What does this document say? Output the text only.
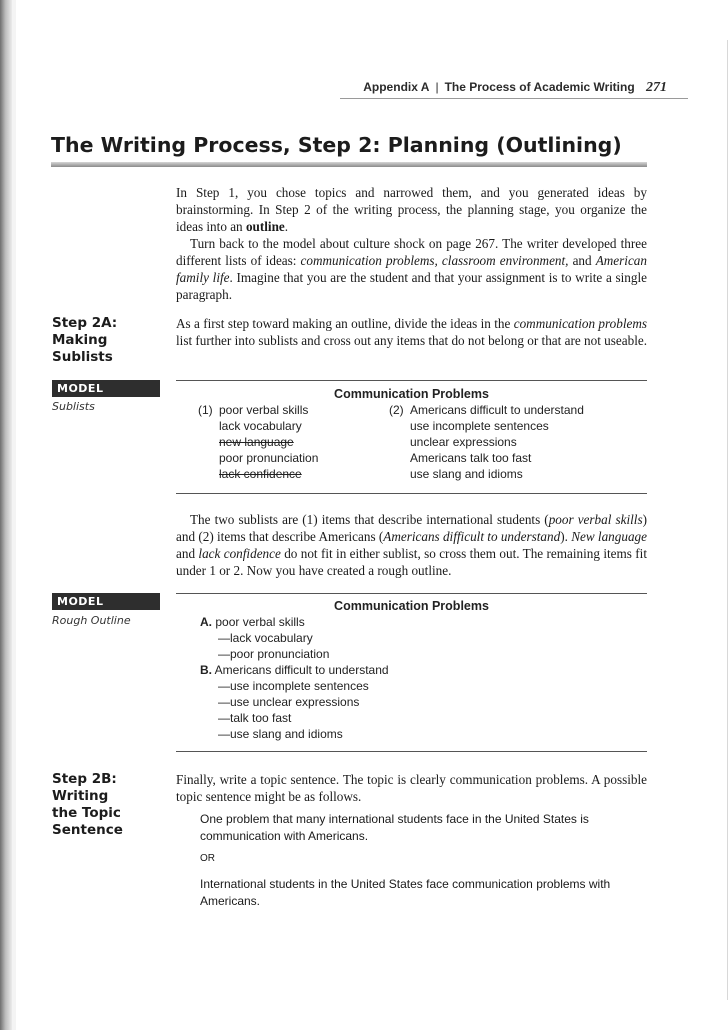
Appendix A | The Process of Academic Writing 271
The Writing Process, Step 2: Planning (Outlining)

In Step 1, you chose topics and narrowed them, and you generated ideas by brainstorming. In Step 2 of the writing process, the planning stage, you organize the ideas into an outline.

Turn back to the model about culture shock on page 267. The writer developed three different lists of ideas: communication problems, classroom environment, and American family life. Imagine that you are the student and that your assignment is to write a single paragraph.

Step 2A:
Making
Sublists

As a first step toward making an outline, divide the ideas in the communication problems list further into sublists and cross out any items that do not belong or that are not useable.

MODEL
Sublists
Communication Problems
(1) poor verbal skills
lack vocabulary
new language
poor pronunciation
lack confidence
(2) Americans difficult to understand
use incomplete sentences
unclear expressions
Americans talk too fast
use slang and idioms

The two sublists are (1) items that describe international students (poor verbal skills) and (2) items that describe Americans (Americans difficult to understand). New language and lack confidence do not fit in either sublist, so cross them out. The remaining items fit under 1 or 2. Now you have created a rough outline.

MODEL
Rough Outline
Communication Problems
A. poor verbal skills
—lack vocabulary
—poor pronunciation
B. Americans difficult to understand
—use incomplete sentences
—use unclear expressions
—talk too fast
—use slang and idioms
Step 2B:
Writing
the Topic
Sentence

Finally, write a topic sentence. The topic is clearly communication problems. A possible topic sentence might be as follows.

One problem that many international students face in the United States is communication with Americans.

OR

International students in the United States face communication problems with Americans.
